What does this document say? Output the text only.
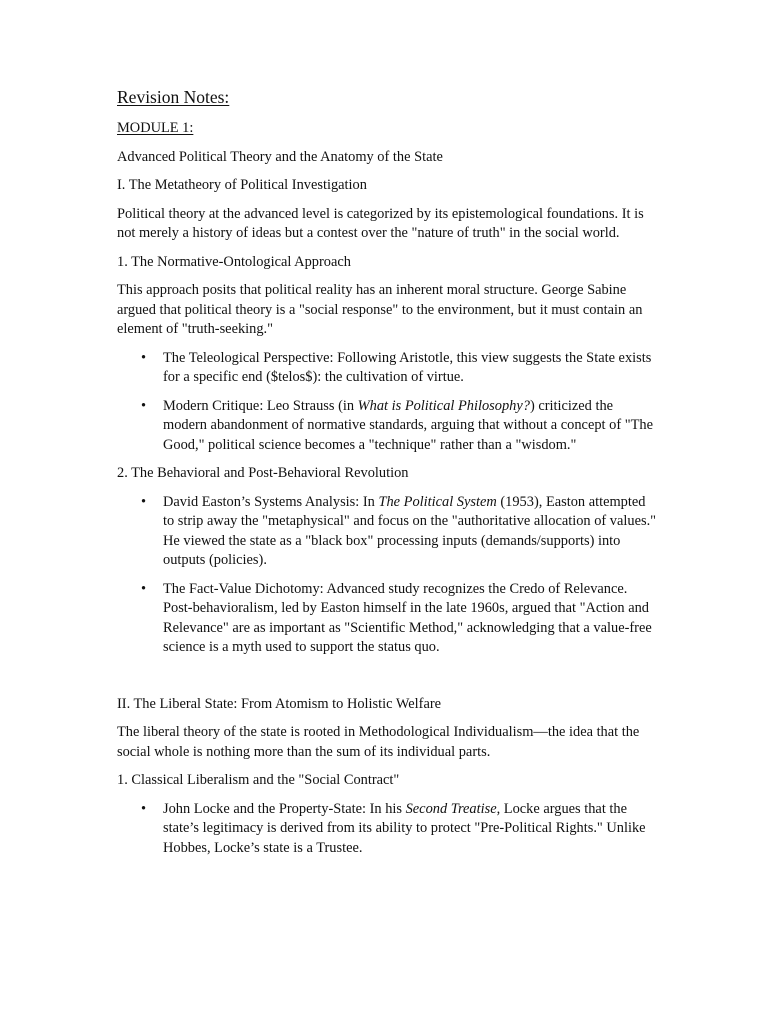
Revision Notes:
MODULE 1:

Advanced Political Theory and the Anatomy of the State

I. The Metatheory of Political Investigation

Political theory at the advanced level is categorized by its epistemological foundations. It is not merely a history of ideas but a contest over the "nature of truth" in the social world.

1. The Normative-Ontological Approach

This approach posits that political reality has an inherent moral structure. George Sabine argued that political theory is a "social response" to the environment, but it must contain an element of "truth-seeking."

• The Teleological Perspective: Following Aristotle, this view suggests the State exists for a specific end ($telos$): the cultivation of virtue.
• Modern Critique: Leo Strauss (in What is Political Philosophy?) criticized the modern abandonment of normative standards, arguing that without a concept of "The Good," political science becomes a "technique" rather than a "wisdom."

2. The Behavioral and Post-Behavioral Revolution

• David Easton’s Systems Analysis: In The Political System (1953), Easton attempted to strip away the "metaphysical" and focus on the "authoritative allocation of values." He viewed the state as a "black box" processing inputs (demands/supports) into outputs (policies).
• The Fact-Value Dichotomy: Advanced study recognizes the Credo of Relevance. Post-behavioralism, led by Easton himself in the late 1960s, argued that "Action and Relevance" are as important as "Scientific Method," acknowledging that a value-free science is a myth used to support the status quo.

II. The Liberal State: From Atomism to Holistic Welfare

The liberal theory of the state is rooted in Methodological Individualism—the idea that the social whole is nothing more than the sum of its individual parts.

1. Classical Liberalism and the "Social Contract"

• John Locke and the Property-State: In his Second Treatise, Locke argues that the state’s legitimacy is derived from its ability to protect "Pre-Political Rights." Unlike Hobbes, Locke’s state is a Trustee.
